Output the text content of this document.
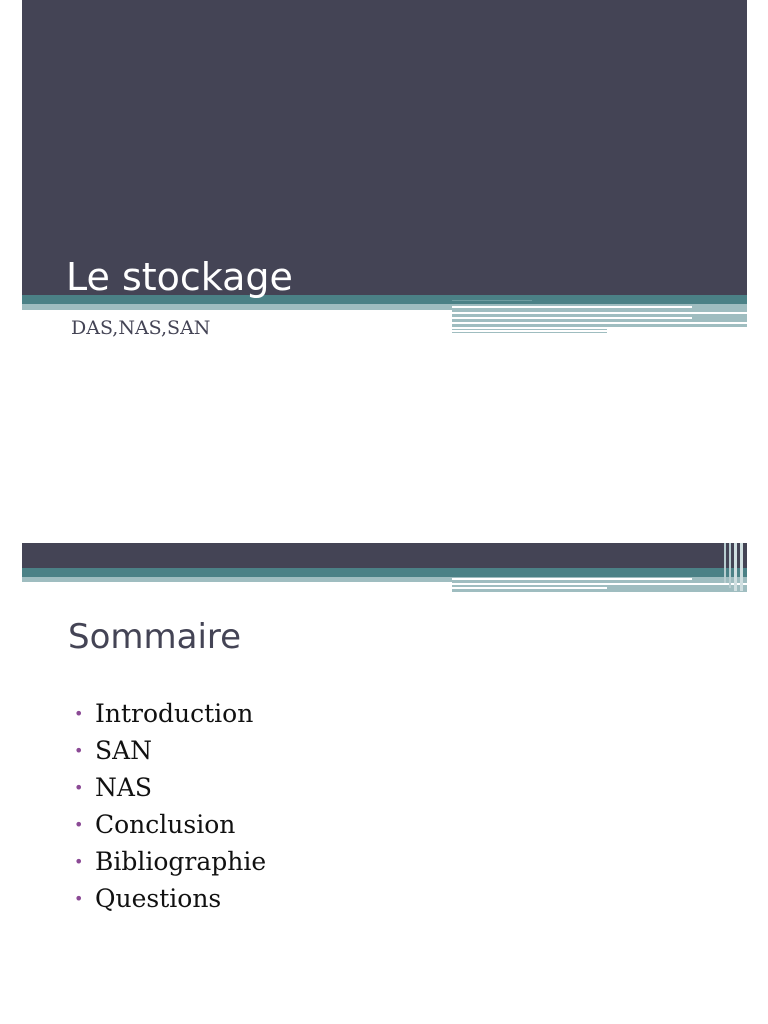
Le stockage
DAS,NAS,SAN
Sommaire
• Introduction
• SAN
• NAS
• Conclusion
• Bibliographie
• Questions
